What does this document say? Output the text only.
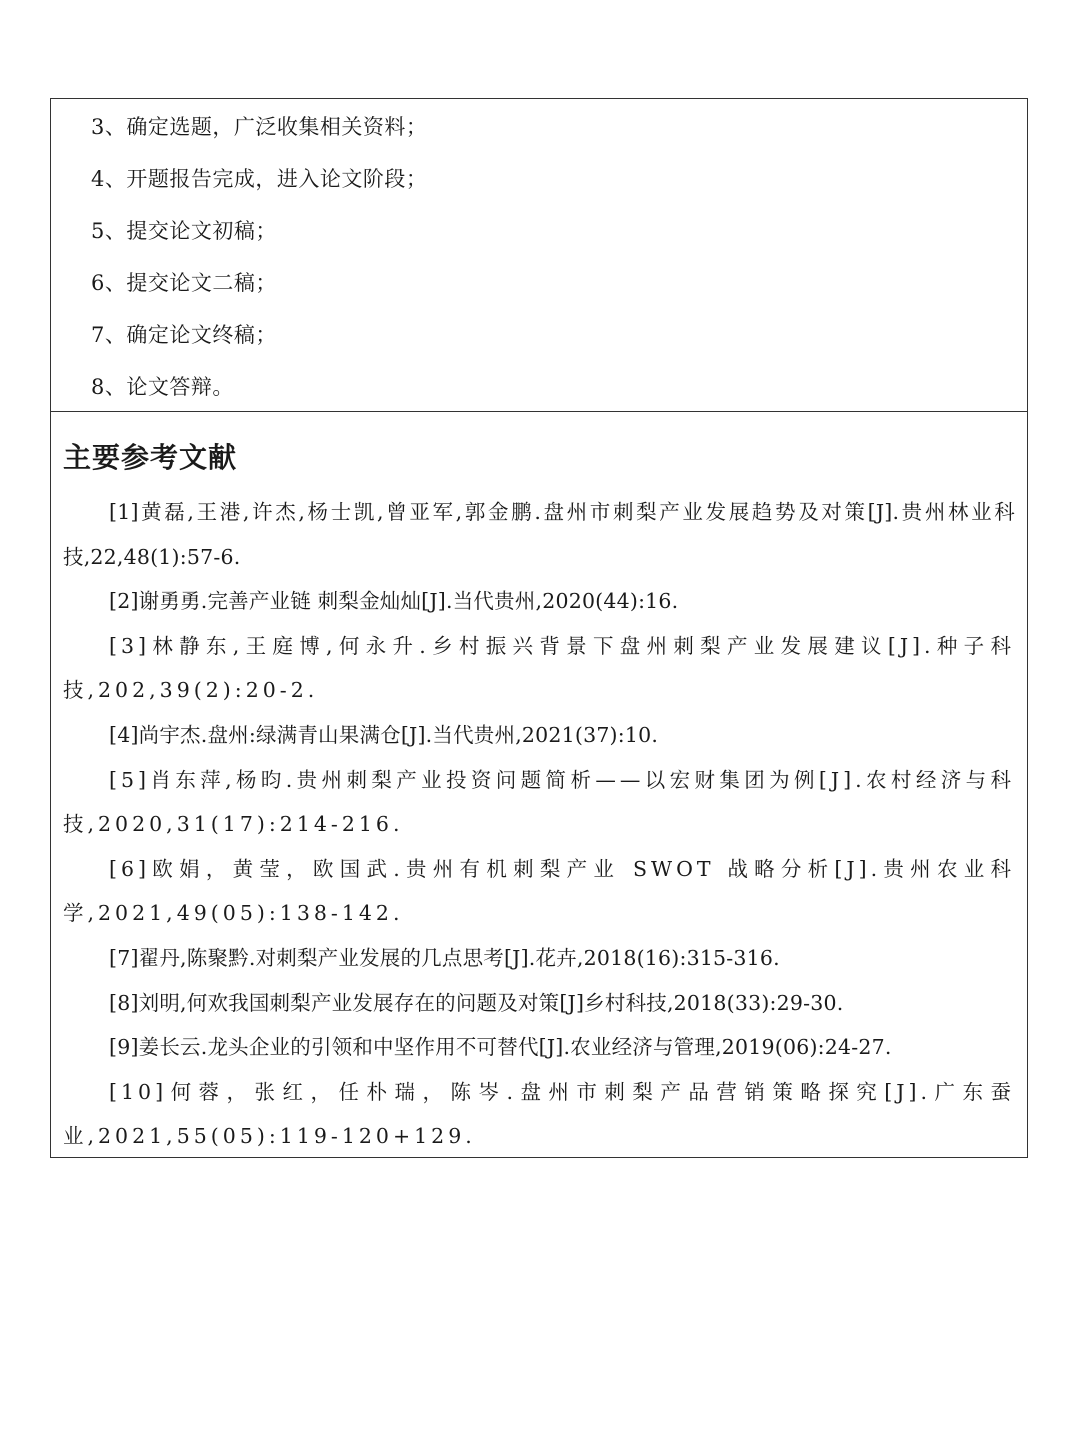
3、确定选题，广泛收集相关资料；
4、开题报告完成，进入论文阶段；
5、提交论文初稿；
6、提交论文二稿；
7、确定论文终稿；
8、论文答辩。
主要参考文献

[1]黄磊,王港,许杰,杨士凯,曾亚军,郭金鹏.盘州市刺梨产业发展趋势及对策[J].贵州林业科技,22,48(1):57-6.

[2]谢勇勇.完善产业链 刺梨金灿灿[J].当代贵州,2020(44):16.

[3]林静东,王庭博,何永升.乡村振兴背景下盘州刺梨产业发展建议[J].种子科技,202,39(2):20-2.

[4]尚宇杰.盘州:绿满青山果满仓[J].当代贵州,2021(37):10.

[5]肖东萍,杨昀.贵州刺梨产业投资问题简析——以宏财集团为例[J].农村经济与科技,2020,31(17):214-216.

[6]欧娟，黄莹，欧国武.贵州有机刺梨产业 SWOT 战略分析[J].贵州农业科学,2021,49(05):138-142.

[7]翟丹,陈聚黔.对刺梨产业发展的几点思考[J].花卉,2018(16):315-316.

[8]刘明,何欢我国刺梨产业发展存在的问题及对策[J]乡村科技,2018(33):29-30.

[9]姜长云.龙头企业的引领和中坚作用不可替代[J].农业经济与管理,2019(06):24-27.

[10]何蓉，张红，任朴瑞，陈岑.盘州市刺梨产品营销策略探究[J].广东蚕业,2021,55(05):119-120+129.
